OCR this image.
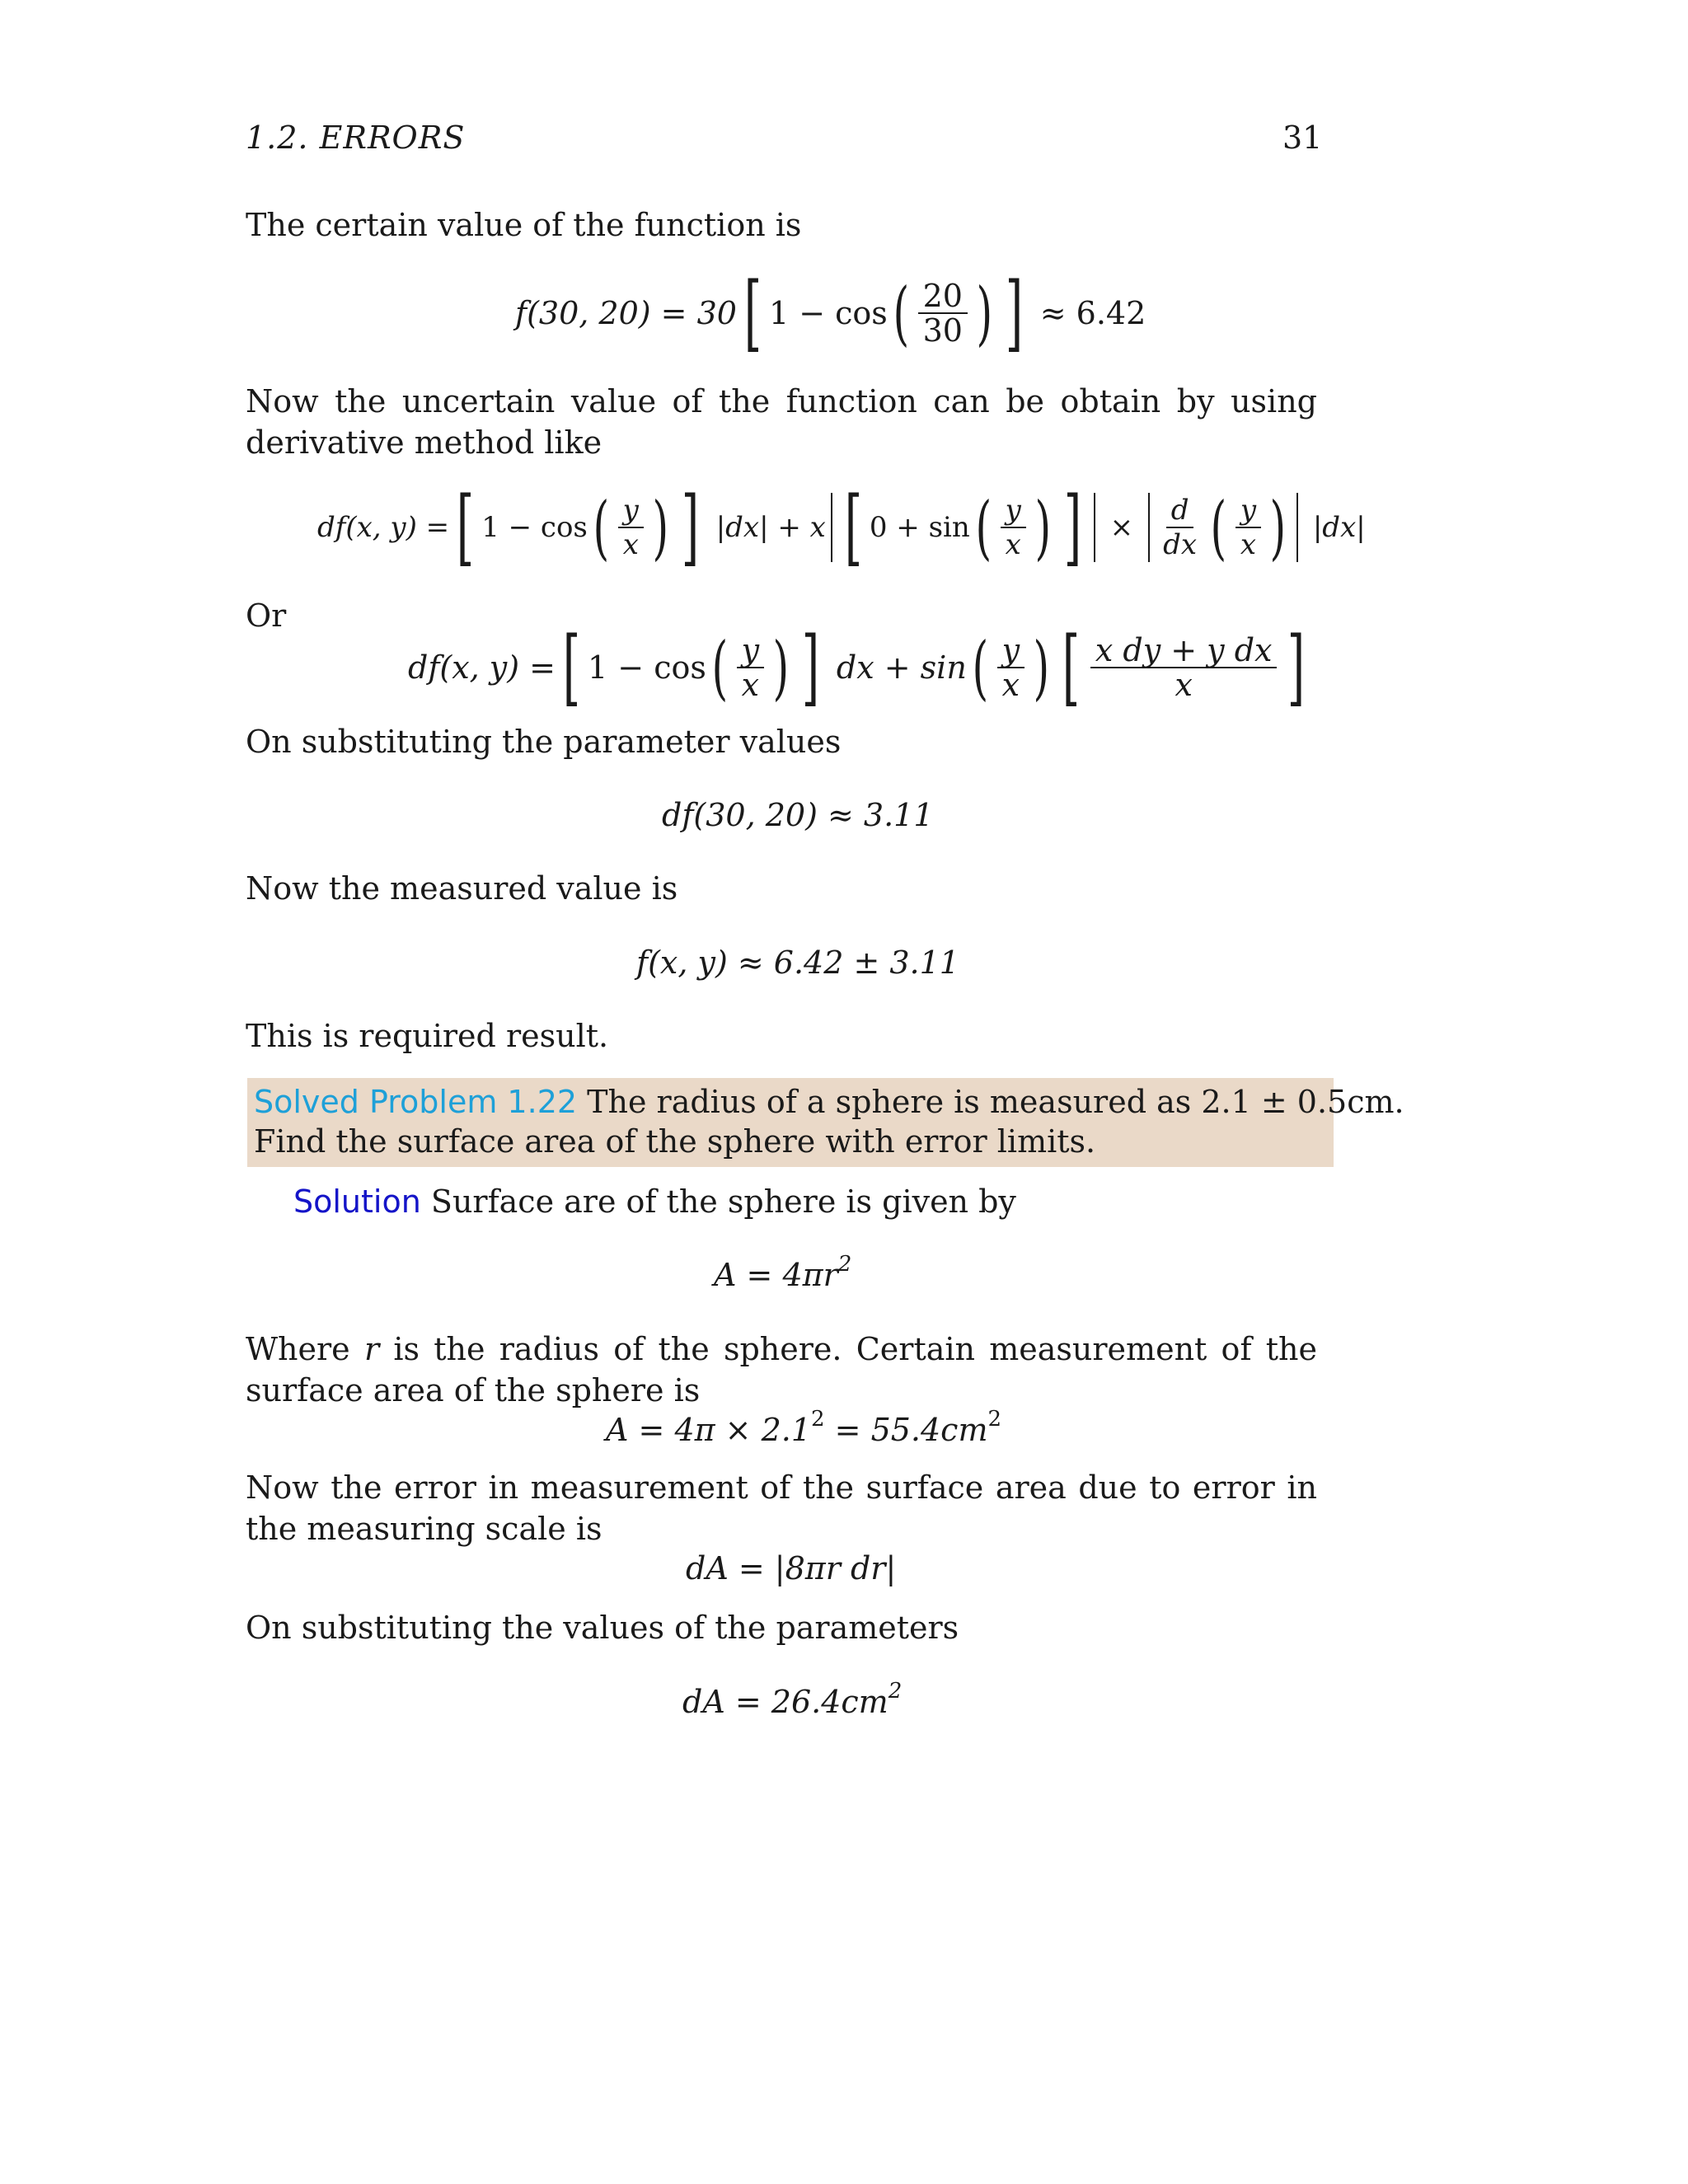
1.2. ERRORS	31
The certain value of the function is
f(30, 20) = 30 [ 1 − cos ( $\frac{20}{30}$ ) ] ≈ 6.42
Now the uncertain value of the function can be obtain by using derivative method like
df(x, y) = [ 1 − cos ( $\frac{y}{x}$ ) ] |dx| + x [ 0 + sin ( $\frac{y}{x}$ ) ] × $\frac{d}{dx}$ ( $\frac{y}{x}$ ) |dx|
Or
df(x, y) = [ 1 − cos ( $\frac{y}{x}$ ) ] dx + sin ( $\frac{y}{x}$ ) [ $\frac{\text{x dy + y dx}}{x}$ ]
On substituting the parameter values
df(30, 20) ≈ 3.11
Now the measured value is
f(x, y) ≈ 6.42 ± 3.11
This is required result.
Solved Problem 1.22 The radius of a sphere is measured as 2.1 ± 0.5cm.
Find the surface area of the sphere with error limits.
Solution Surface are of the sphere is given by
$A = 4\pi r^2$
Where r is the radius of the sphere. Certain measurement of the surface area of the sphere is
$A = 4\pi \times 2.1^2 = 55.4cm^2$
Now the error in measurement of the surface area due to error in the measuring scale is
dA = |8πr dr|
On substituting the values of the parameters
dA = $26.4cm^2$
